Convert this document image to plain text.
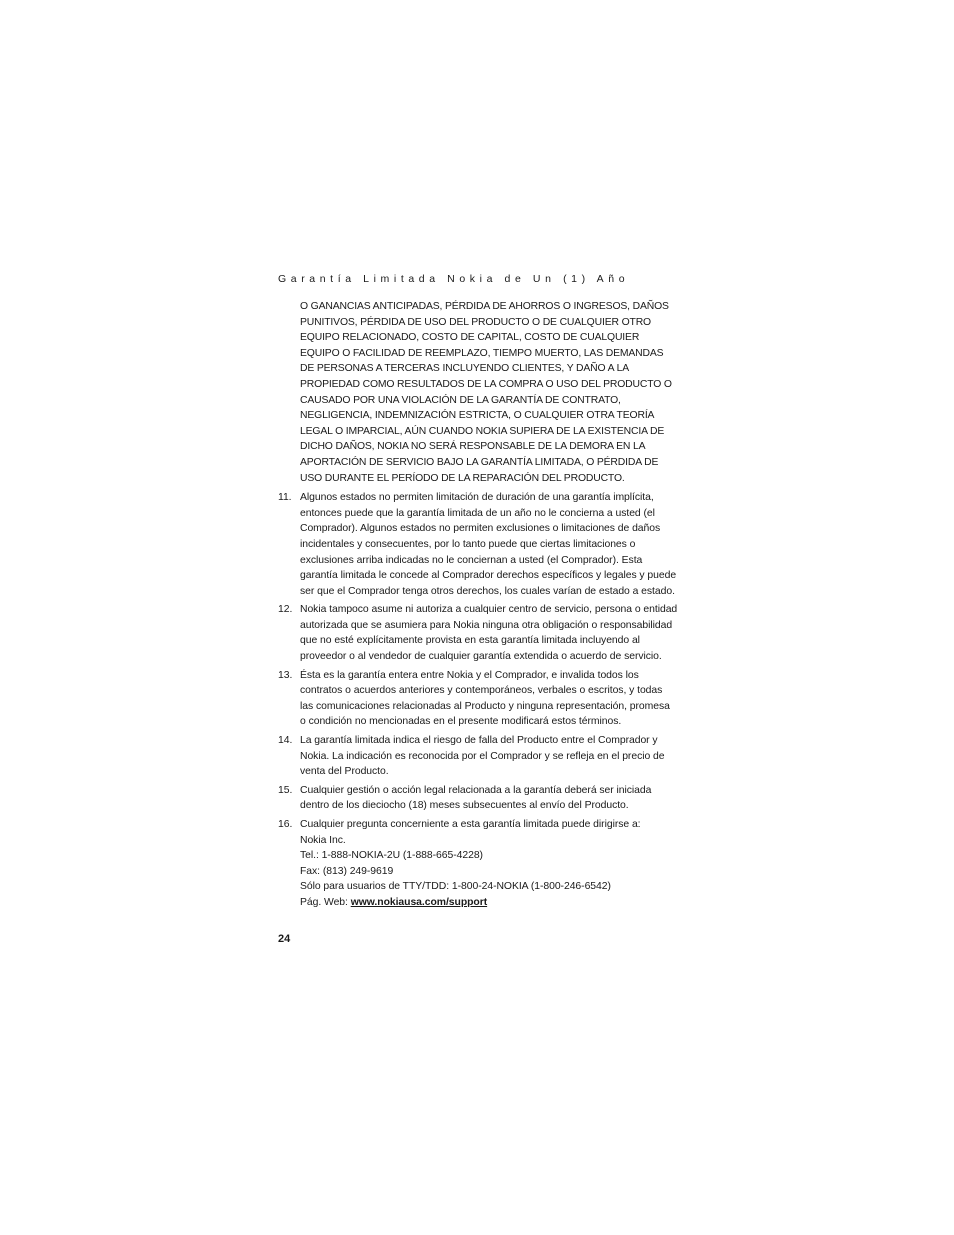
Garantía Limitada Nokia de Un (1) Año

O GANANCIAS ANTICIPADAS, PÉRDIDA DE AHORROS O INGRESOS, DAÑOS PUNITIVOS, PÉRDIDA DE USO DEL PRODUCTO O DE CUALQUIER OTRO EQUIPO RELACIONADO, COSTO DE CAPITAL, COSTO DE CUALQUIER EQUIPO O FACILIDAD DE REEMPLAZO, TIEMPO MUERTO, LAS DEMANDAS DE PERSONAS A TERCERAS INCLUYENDO CLIENTES, Y DAÑO A LA PROPIEDAD COMO RESULTADOS DE LA COMPRA O USO DEL PRODUCTO O CAUSADO POR UNA VIOLACIÓN DE LA GARANTÍA DE CONTRATO, NEGLIGENCIA, INDEMNIZACIÓN ESTRICTA, O CUALQUIER OTRA TEORÍA LEGAL O IMPARCIAL, AÚN CUANDO NOKIA SUPIERA DE LA EXISTENCIA DE DICHO DAÑOS, NOKIA NO SERÁ RESPONSABLE DE LA DEMORA EN LA APORTACIÓN DE SERVICIO BAJO LA GARANTÍA LIMITADA, O PÉRDIDA DE USO DURANTE EL PERÍODO DE LA REPARACIÓN DEL PRODUCTO.

11. Algunos estados no permiten limitación de duración de una garantía implícita, entonces puede que la garantía limitada de un año no le concierna a usted (el Comprador). Algunos estados no permiten exclusiones o limitaciones de daños incidentales y consecuentes, por lo tanto puede que ciertas limitaciones o exclusiones arriba indicadas no le conciernan a usted (el Comprador). Esta garantía limitada le concede al Comprador derechos específicos y legales y puede ser que el Comprador tenga otros derechos, los cuales varían de estado a estado.

12. Nokia tampoco asume ni autoriza a cualquier centro de servicio, persona o entidad autorizada que se asumiera para Nokia ninguna otra obligación o responsabilidad que no esté explícitamente provista en esta garantía limitada incluyendo al proveedor o al vendedor de cualquier garantía extendida o acuerdo de servicio.

13. Ésta es la garantía entera entre Nokia y el Comprador, e invalida todos los contratos o acuerdos anteriores y contemporáneos, verbales o escritos, y todas las comunicaciones relacionadas al Producto y ninguna representación, promesa o condición no mencionadas en el presente modificará estos términos.

14. La garantía limitada indica el riesgo de falla del Producto entre el Comprador y Nokia. La indicación es reconocida por el Comprador y se refleja en el precio de venta del Producto.

15. Cualquier gestión o acción legal relacionada a la garantía deberá ser iniciada dentro de los dieciocho (18) meses subsecuentes al envío del Producto.

16. Cualquier pregunta concerniente a esta garantía limitada puede dirigirse a:
Nokia Inc.
Tel.: 1-888-NOKIA-2U (1-888-665-4228)
Fax: (813) 249-9619
Sólo para usuarios de TTY/TDD: 1-800-24-NOKIA (1-800-246-6542)
Pág. Web: www.nokiausa.com/support
24
